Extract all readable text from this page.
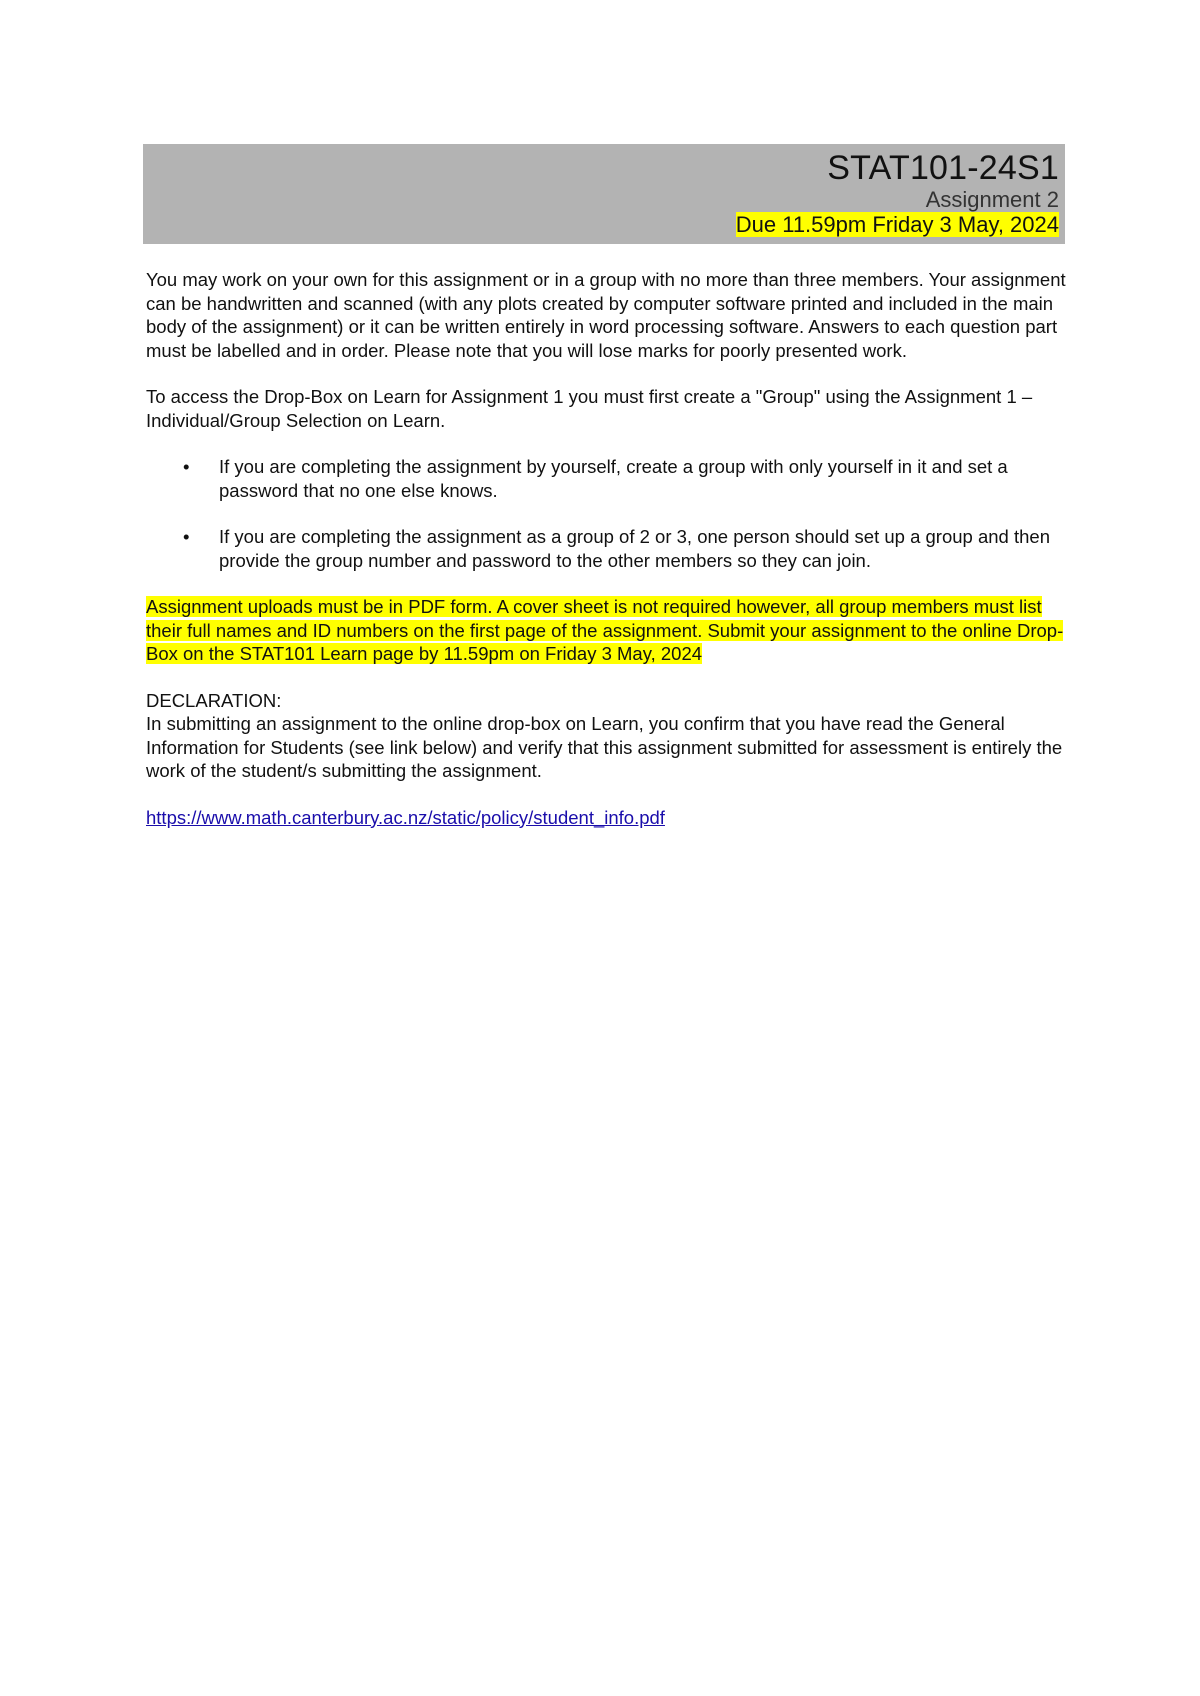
STAT101-24S1
Assignment 2
Due 11.59pm Friday 3 May, 2024

You may work on your own for this assignment or in a group with no more than three members. Your assignment can be handwritten and scanned (with any plots created by computer software printed and included in the main body of the assignment) or it can be written entirely in word processing software. Answers to each question part must be labelled and in order. Please note that you will lose marks for poorly presented work.

To access the Drop-Box on Learn for Assignment 1 you must first create a "Group" using the Assignment 1 – Individual/Group Selection on Learn.

• If you are completing the assignment by yourself, create a group with only yourself in it and set a password that no one else knows.
• If you are completing the assignment as a group of 2 or 3, one person should set up a group and then provide the group number and password to the other members so they can join.

Assignment uploads must be in PDF form. A cover sheet is not required however, all group members must list their full names and ID numbers on the first page of the assignment. Submit your assignment to the online Drop-Box on the STAT101 Learn page by 11.59pm on Friday 3 May, 2024

DECLARATION:

In submitting an assignment to the online drop-box on Learn, you confirm that you have read the General Information for Students (see link below) and verify that this assignment submitted for assessment is entirely the work of the student/s submitting the assignment.

https://www.math.canterbury.ac.nz/static/policy/student_info.pdf
